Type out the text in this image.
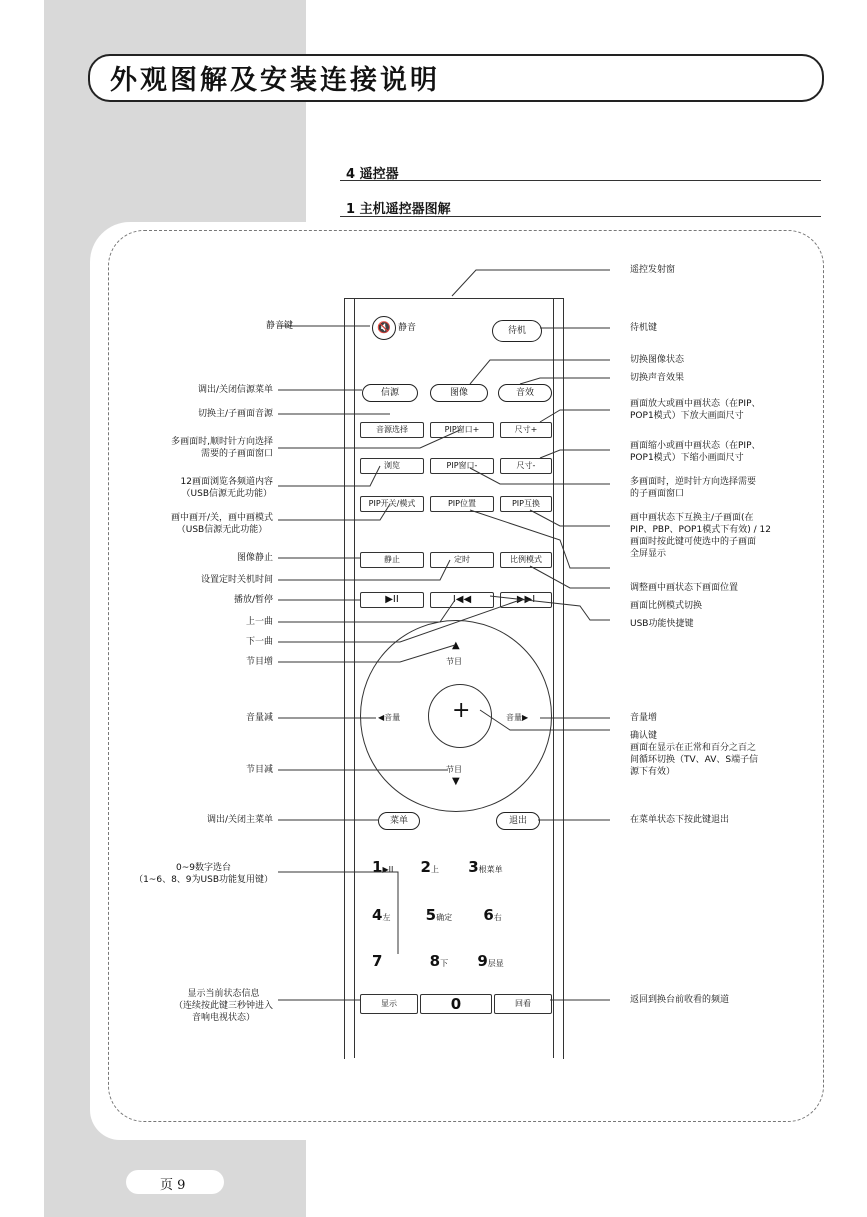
外观图解及安装连接说明
4 遥控器
1 主机遥控器图解
🔇 静音	待机
信源	图像	音效
音源选择	PIP窗口+	尺寸+
浏览	PIP窗口-	尺寸-
PIP开关/模式	PIP位置	PIP互换
静止	定时	比例模式
▶II	I◀◀	▶▶I
+
节目
▲
节目
▼
◀音量	音量▶
菜单	退出
1▶II 2上 3根菜单
4左 5确定 6右
7	8下 9层显
显示	0	回看
静音键
调出/关闭信源菜单
切换主/子画面音源
多画面时,顺时针方向选择
需要的子画面窗口
12画面浏览各频道内容
（USB信源无此功能）
画中画开/关，画中画模式
（USB信源无此功能）
图像静止
设置定时关机时间
播放/暂停
上一曲
下一曲
节目增
音量减
节目减
调出/关闭主菜单
0~9数字选台
（1~6、8、9为USB功能复用键）
显示当前状态信息
（连续按此键三秒钟进入
音响电视状态）
遥控发射窗
待机键
切换图像状态
切换声音效果
画面放大或画中画状态（在PIP、
POP1模式）下放大画面尺寸
画面缩小或画中画状态（在PIP、
POP1模式）下缩小画面尺寸
多画面时，逆时针方向选择需要
的子画面窗口
画中画状态下互换主/子画面(在
PIP、PBP、POP1模式下有效) / 12
画面时按此键可使选中的子画面
全屏显示
调整画中画状态下画面位置
画面比例模式切换
USB功能快捷键
音量增
确认键
画面在显示在正常和百分之百之
间循环切换（TV、AV、S端子信
源下有效）
在菜单状态下按此键退出
返回到换台前收看的频道
页 9
